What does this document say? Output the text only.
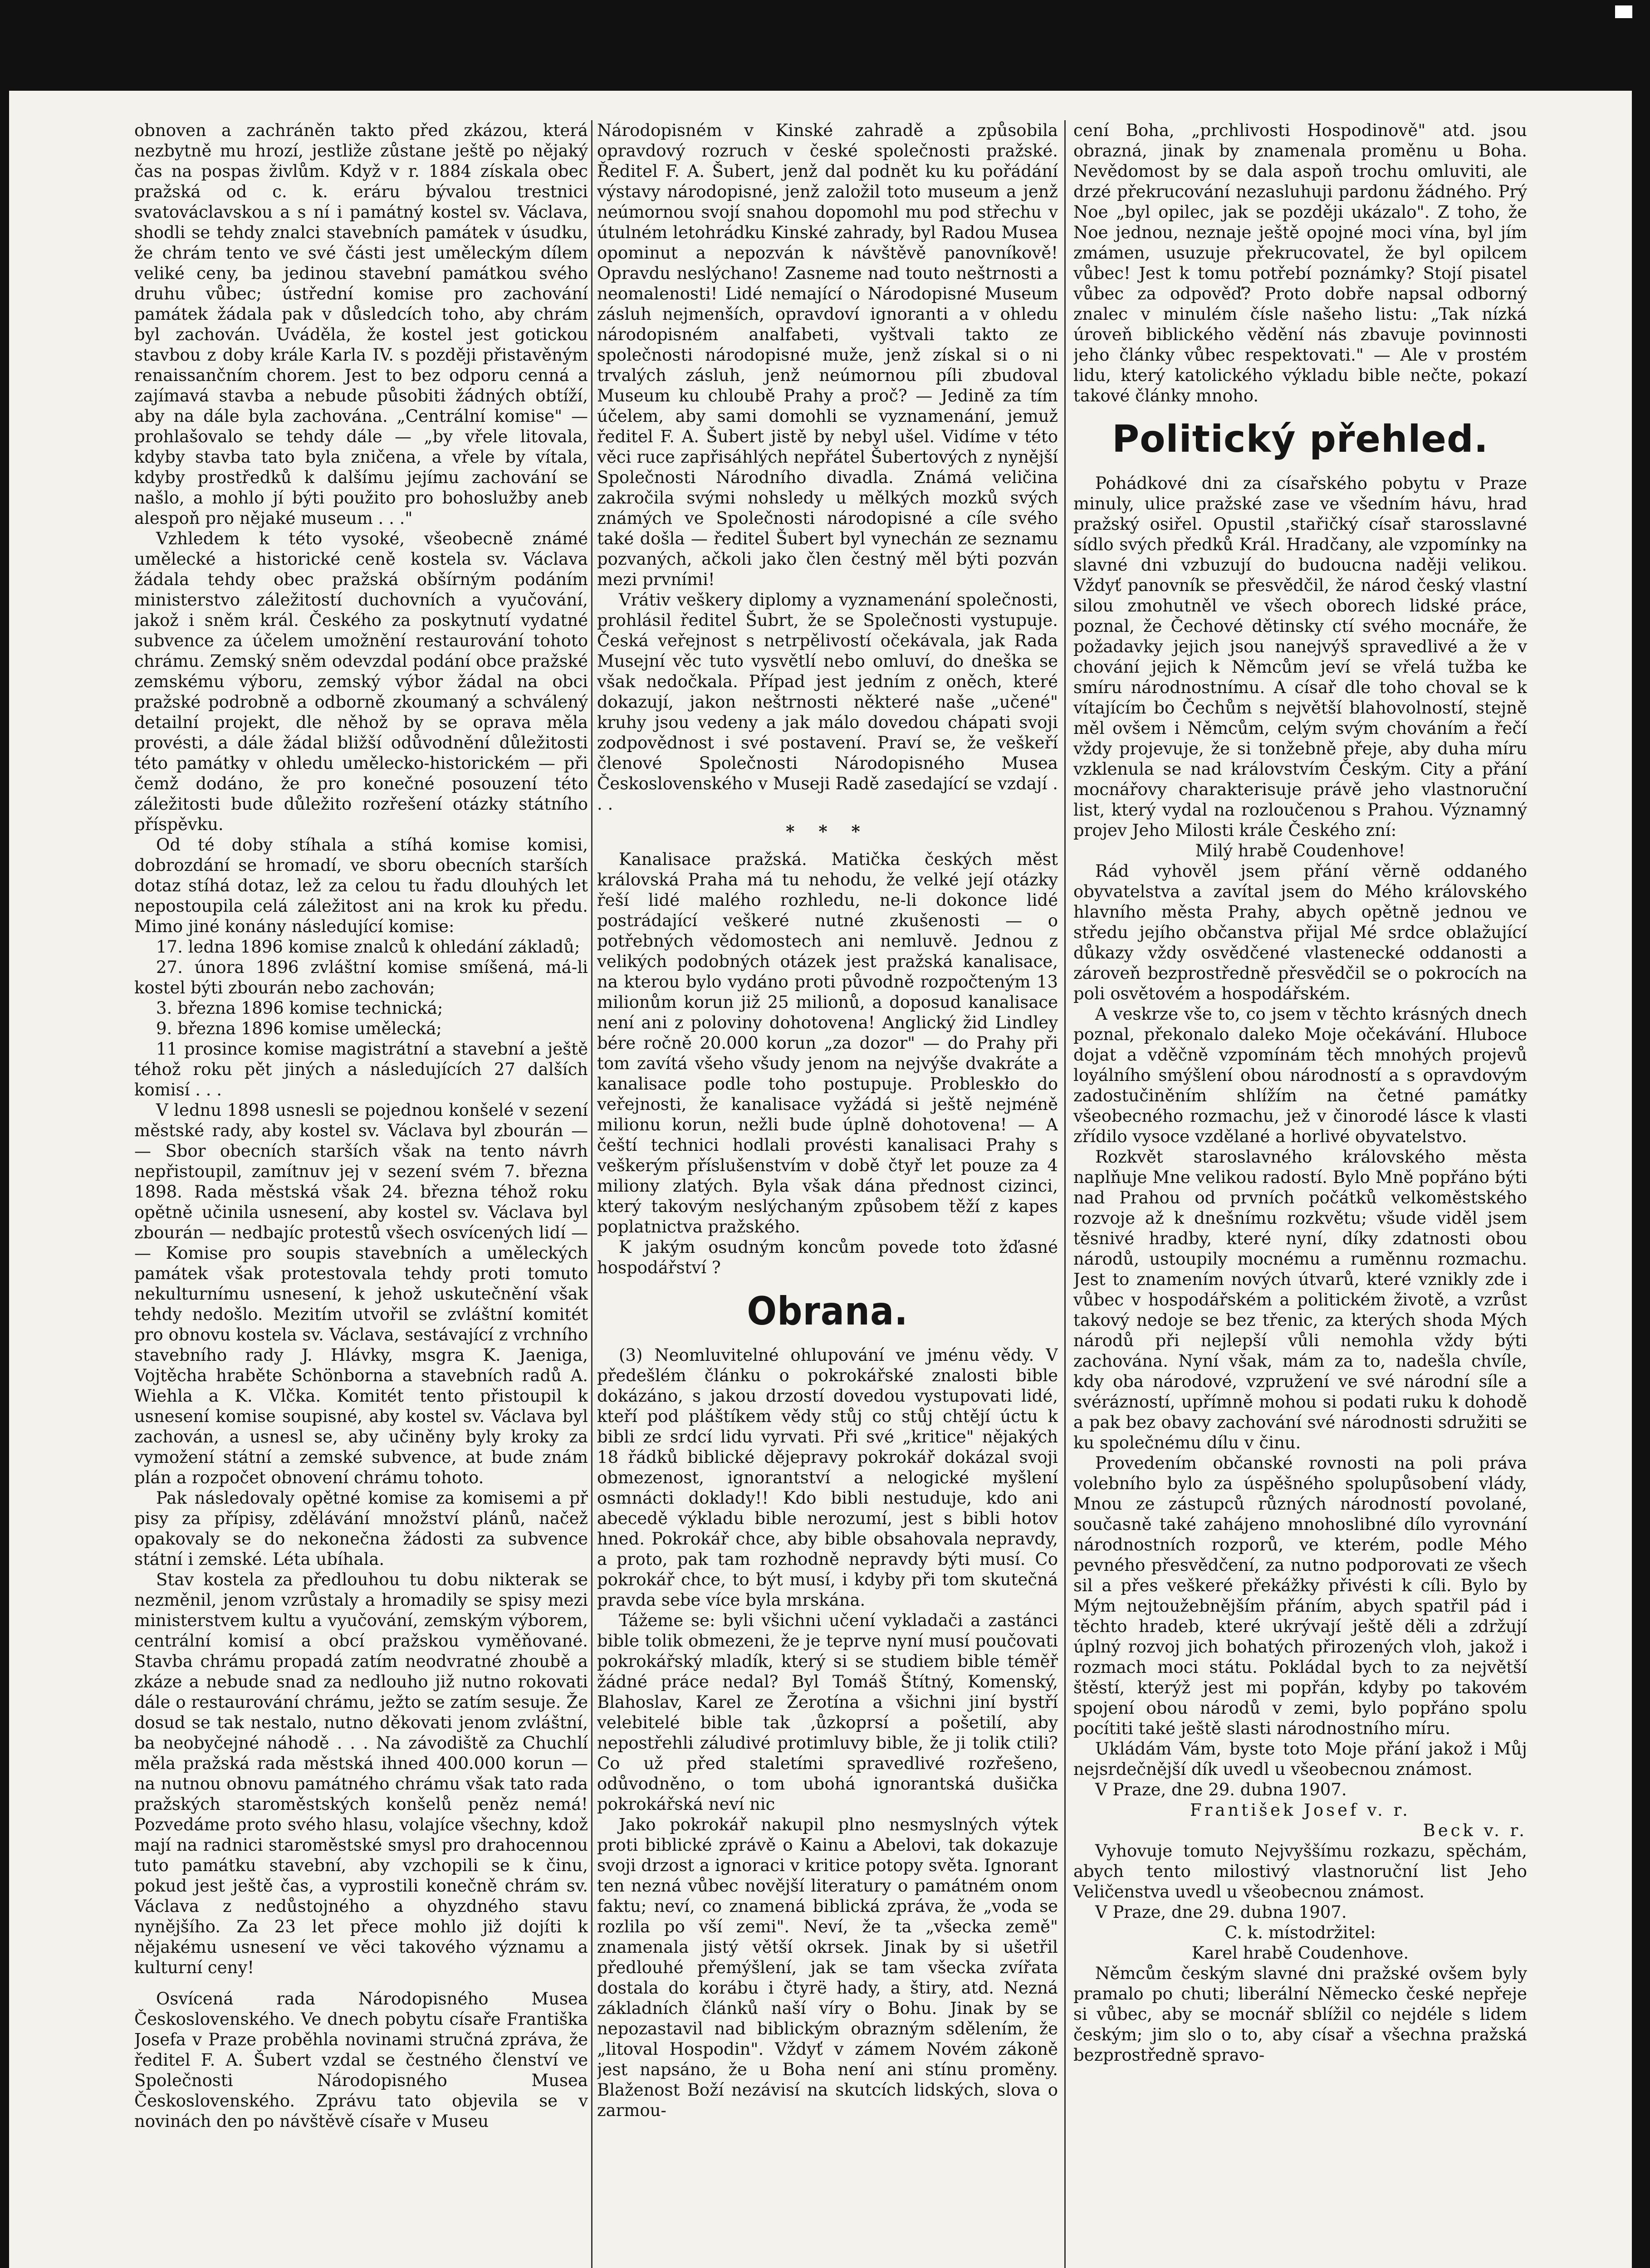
obnoven a zachráněn takto před zkázou, která nezbytně mu hrozí, jestliže zůstane ještě po nějaký čas na pospas živlům. Když v r. 1884 získala obec pražská od c. k. eráru bývalou trestnici svatováclavskou a s ní i památný kostel sv. Václava, shodli se tehdy znalci stavebních památek v úsudku, že chrám tento ve své části jest uměleckým dílem veliké ceny, ba jedinou stavební památkou svého druhu vůbec; ústřední komise pro zachování památek žádala pak v důsledcích toho, aby chrám byl zachován. Uváděla, že kostel jest gotickou stavbou z doby krále Karla IV. s později přistavěným renaissančním chorem. Jest to bez odporu cenná a zajímavá stavba a nebude působiti žádných obtíží, aby na dále byla zachována. „Centrální komise" — prohlašovalo se tehdy dále — „by vřele litovala, kdyby stavba tato byla zničena, a vřele by vítala, kdyby prostředků k dalšímu jejímu zachování se našlo, a mohlo jí býti použito pro bohoslužby aneb alespoň pro nějaké museum . . ."

Vzhledem k této vysoké, všeobecně známé umělecké a historické ceně kostela sv. Václava žádala tehdy obec pražská obšírným podáním ministerstvo záležitostí duchovních a vyučování, jakož i sněm král. Českého za poskytnutí vydatné subvence za účelem umožnění restaurování tohoto chrámu. Zemský sněm odevzdal podání obce pražské zemskému výboru, zemský výbor žádal na obci pražské podrobně a odborně zkoumaný a schválený detailní projekt, dle něhož by se oprava měla provésti, a dále žádal bližší odůvodnění důležitosti této památky v ohledu umělecko-historickém — při čemž dodáno, že pro konečné posouzení této záležitosti bude důležito rozřešení otázky státního příspěvku.

Od té doby stíhala a stíhá komise komisi, dobrozdání se hromadí, ve sboru obecních starších dotaz stíhá dotaz, lež za celou tu řadu dlouhých let nepostoupila celá záležitost ani na krok ku předu. Mimo jiné konány následující komise:

17. ledna 1896 komise znalců k ohledání základů;

27. února 1896 zvláštní komise smíšená, má-li kostel býti zbourán nebo zachován;

3. března 1896 komise technická;

9. března 1896 komise umělecká;

11 prosince komise magistrátní a stavební a ještě téhož roku pět jiných a následujících 27 dalších komisí . . .

V lednu 1898 usnesli se pojednou konšelé v sezení městské rady, aby kostel sv. Václava byl zbourán — — Sbor obecních starších však na tento návrh nepřistoupil, zamítnuv jej v sezení svém 7. března 1898. Rada městská však 24. března téhož roku opětně učinila usnesení, aby kostel sv. Václava byl zbourán — nedbajíc protestů všech osvícených lidí — — Komise pro soupis stavebních a uměleckých památek však protestovala tehdy proti tomuto nekulturnímu usnesení, k jehož uskutečnění však tehdy nedošlo. Mezitím utvořil se zvláštní komitét pro obnovu kostela sv. Václava, sestávající z vrchního stavebního rady J. Hlávky, msgra K. Jaeniga, Vojtěcha hraběte Schönborna a stavebních radů A. Wiehla a K. Vlčka. Komitét tento přistoupil k usnesení komise soupisné, aby kostel sv. Václava byl zachován, a usnesl se, aby učiněny byly kroky za vymožení státní a zemské subvence, at bude znám plán a rozpočet obnovení chrámu tohoto.

Pak následovaly opětné komise za komisemi a př pisy za přípisy, zdělávání množství plánů, načež opakovaly se do nekonečna žádosti za subvence státní i zemské. Léta ubíhala.

Stav kostela za předlouhou tu dobu nikterak se nezměnil, jenom vzrůstaly a hromadily se spisy mezi ministerstvem kultu a vyučování, zemským výborem, centrální komisí a obcí pražskou vyměňované. Stavba chrámu propadá zatím neodvratné zhoubě a zkáze a nebude snad za nedlouho již nutno rokovati dále o restaurování chrámu, ježto se zatím sesuje. Že dosud se tak nestalo, nutno děkovati jenom zvláštní, ba neobyčejné náhodě . . . Na závodiště za Chuchlí měla pražská rada městská ihned 400.000 korun — na nutnou obnovu památného chrámu však tato rada pražských staroměstských konšelů peněz nemá! Pozvedáme proto svého hlasu, volajíce všechny, kdož mají na radnici staroměstské smysl pro drahocennou tuto památku stavební, aby vzchopili se k činu, pokud jest ještě čas, a vyprostili konečně chrám sv. Václava z nedůstojného a ohyzdného stavu nynějšího. Za 23 let přece mohlo již dojíti k nějakému usnesení ve věci takového významu a kulturní ceny!

Osvícená rada Národopisného Musea Československého. Ve dnech pobytu císaře Františka Josefa v Praze proběhla novinami stručná zpráva, že ředitel F. A. Šubert vzdal se čestného členství ve Společnosti Národopisného Musea Československého. Zprávu tato objevila se v novinách den po návštěvě císaře v Museu

Národopisném v Kinské zahradě a způsobila opravdový rozruch v české společnosti pražské. Ředitel F. A. Šubert, jenž dal podnět ku ku pořádání výstavy národopisné, jenž založil toto museum a jenž neúmornou svojí snahou dopomohl mu pod střechu v útulném letohrádku Kinské zahrady, byl Radou Musea opominut a nepozván k návštěvě panovníkově! Opravdu neslýchano! Zasneme nad touto neštrnosti a neomalenosti! Lidé nemající o Národopisné Museum zásluh nejmenších, opravdoví ignoranti a v ohledu národopisném analfabeti, vyštvali takto ze společnosti národopisné muže, jenž získal si o ni trvalých zásluh, jenž neúmornou píli zbudoval Museum ku chloubě Prahy a proč? — Jedině za tím účelem, aby sami domohli se vyznamenání, jemuž ředitel F. A. Šubert jistě by nebyl ušel. Vidíme v této věci ruce zapřisáhlých nepřátel Šubertových z nynější Společnosti Národního divadla. Známá veličina zakročila svými nohsledy u mělkých mozků svých známých ve Společnosti národopisné a cíle svého také došla — ředitel Šubert byl vynechán ze seznamu pozvaných, ačkoli jako člen čestný měl býti pozván mezi prvními!

Vrátiv veškery diplomy a vyznamenání společnosti, prohlásil ředitel Šubrt, že se Společnosti vystupuje. Česká veřejnost s netrpělivostí očekávala, jak Rada Musejní věc tuto vysvětlí nebo omluví, do dneška se však nedočkala. Případ jest jedním z oněch, které dokazují, jakon neštrnosti některé naše „učené" kruhy jsou vedeny a jak málo dovedou chápati svoji zodpovědnost i své postavení. Praví se, že veškeří členové Společnosti Národopisného Musea Československého v Museji Radě zasedající se vzdají . . .

* * *

Kanalisace pražská. Matička českých měst královská Praha má tu nehodu, že velké její otázky řeší lidé malého rozhledu, ne-li dokonce lidé postrádající veškeré nutné zkušenosti — o potřebných vědomostech ani nemluvě. Jednou z velikých podobných otázek jest pražská kanalisace, na kterou bylo vydáno proti původně rozpočteným 13 milionům korun již 25 milionů, a doposud kanalisace není ani z poloviny dohotovena! Anglický žid Lindley bére ročně 20.000 korun „za dozor" — do Prahy při tom zavítá všeho všudy jenom na nejvýše dvakráte a kanalisace podle toho postupuje. Probleskło do veřejnosti, že kanalisace vyžádá si ještě nejméně milionu korun, nežli bude úplně dohotovena! — A čeští technici hodlali provésti kanalisaci Prahy s veškerým příslušenstvím v době čtyř let pouze za 4 miliony zlatých. Byla však dána přednost cizinci, který takovým neslýchaným způsobem těží z kapes poplatnictva pražského.

K jakým osudným koncům povede toto žďasné hospodářství ?

Obrana.

(3) Neomluvitelné ohlupování ve jménu vědy. V předešlém článku o pokrokářské znalosti bible dokázáno, s jakou drzostí dovedou vystupovati lidé, kteří pod pláštíkem vědy stůj co stůj chtějí úctu k bibli ze srdcí lidu vyrvati. Při své „kritice" nějakých 18 řádků biblické dějepravy pokrokář dokázal svoji obmezenost, ignorantství a nelogické myšlení osmnácti doklady!! Kdo bibli nestuduje, kdo ani abecedě výkladu bible nerozumí, jest s bibli hotov hned. Pokrokář chce, aby bible obsahovala nepravdy, a proto, pak tam rozhodně nepravdy býti musí. Co pokrokář chce, to být musí, i kdyby při tom skutečná pravda sebe více byla mrskána.

Tážeme se: byli všichni učení vykladači a zastánci bible tolik obmezeni, že je teprve nyní musí poučovati pokrokářský mladík, který si se studiem bible téměř žádné práce nedal? Byl Tomáš Štítný, Komenský, Blahoslav, Karel ze Žerotína a všichni jiní bystří velebitelé bible tak ,ůzkoprsí a pošetilí, aby nepostřehli záludivé protimluvy bible, že ji tolik ctili? Co už před staletími spravedlivé rozřešeno, odůvodněno, o tom ubohá ignorantská dušička pokrokářská neví nic

Jako pokrokář nakupil plno nesmyslných výtek proti biblické zprávě o Kainu a Abelovi, tak dokazuje svoji drzost a ignoraci v kritice potopy světa. Ignorant ten nezná vůbec novější literatury o památném onom faktu; neví, co znamená biblická zpráva, že „voda se rozlila po vší zemi". Neví, že ta „všecka země" znamenala jistý větší okrsek. Jinak by si ušetřil předlouhé přemýšlení, jak se tam všecka zvířata dostala do korábu i čtyrë hady, a štiry, atd. Nezná základních článků naší víry o Bohu. Jinak by se nepozastavil nad biblickým obrazným sdělením, že „litoval Hospodin". Vždyť v zámem Novém zákoně jest napsáno, že u Boha není ani stínu proměny. Blaženost Boží nezávisí na skutcích lidských, slova o zarmou-

cení Boha, „prchlivosti Hospodinově" atd. jsou obrazná, jinak by znamenala proměnu u Boha. Nevědomost by se dala aspoň trochu omluviti, ale drzé překrucování nezasluhuji pardonu žádného. Prý Noe „byl opilec, jak se později ukázalo". Z toho, že Noe jednou, neznaje ještě opojné moci vína, byl jím zmámen, usuzuje překrucovatel, že byl opilcem vůbec! Jest k tomu potřebí poznámky? Stojí pisatel vůbec za odpověď? Proto dobře napsal odborný znalec v minulém čísle našeho listu: „Tak nízká úroveň biblického vědění nás zbavuje povinnosti jeho články vůbec respektovati." — Ale v prostém lidu, který katolického výkladu bible nečte, pokazí takové články mnoho.

Politický přehled.

Pohádkové dni za císařského pobytu v Praze minuly, ulice pražské zase ve všedním hávu, hrad pražský osiřel. Opustil ,stařičký císař starosslavné sídlo svých předků Král. Hradčany, ale vzpomínky na slavné dni vzbuzují do budoucna naději velikou. Vždyť panovník se přesvědčil, že národ český vlastní silou zmohutněl ve všech oborech lidské práce, poznal, že Čechové dětinsky ctí svého mocnáře, že požadavky jejich jsou nanejvýš spravedlivé a že v chování jejich k Němcům jeví se vřelá tužba ke smíru národnostnímu. A císař dle toho choval se k vítajícím bo Čechům s největší blahovolností, stejně měl ovšem i Němcům, celým svým chováním a řečí vždy projevuje, že si tonžebně přeje, aby duha míru vzklenula se nad královstvím Českým. City a přání mocnářovy charakterisuje právě jeho vlastnoruční list, který vydal na rozloučenou s Prahou. Významný projev Jeho Milosti krále Českého zní:

Milý hrabě Coudenhove!

Rád vyhověl jsem přání věrně oddaného obyvatelstva a zavítal jsem do Mého královského hlavního města Prahy, abych opětně jednou ve středu jejího občanstva přijal Mé srdce oblažující důkazy vždy osvědčené vlastenecké oddanosti a zároveň bezprostředně přesvědčil se o pokrocích na poli osvětovém a hospodářském.

A veskrze vše to, co jsem v těchto krásných dnech poznal, překonalo daleko Moje očekávání. Hluboce dojat a vděčně vzpomínám těch mnohých projevů loyálního smýšlení obou národností a s opravdovým zadostučiněním shlížím na četné památky všeobecného rozmachu, jež v činorodé lásce k vlasti zřídilo vysoce vzdělané a horlivé obyvatelstvo.

Rozkvět staroslavného královského města naplňuje Mne velikou radostí. Bylo Mně popřáno býti nad Prahou od prvních počátků velkoměstského rozvoje až k dnešnímu rozkvětu; všude viděl jsem těsnivé hradby, které nyní, díky zdatnosti obou národů, ustoupily mocnému a ruměnnu rozmachu. Jest to znamením nových útvarů, které vznikly zde i vůbec v hospodářském a politickém životě, a vzrůst takový nedoje se bez třenic, za kterých shoda Mých národů při nejlepší vůli nemohla vždy býti zachována. Nyní však, mám za to, nadešla chvíle, kdy oba národové, vzpružení ve své národní síle a svérázností, upřímně mohou si podati ruku k dohodě a pak bez obavy zachování své národnosti sdružiti se ku společnému dílu v činu.

Provedením občanské rovnosti na poli práva volebního bylo za úspěšného spolupůsobení vlády, Mnou ze zástupců různých národností povolané, současně také zahájeno mnohoslibné dílo vyrovnání národnostních rozporů, ve kterém, podle Mého pevného přesvědčení, za nutno podporovati ze všech sil a přes veškeré překážky přivésti k cíli. Bylo by Mým nejtoužebnějším přáním, abych spatřil pád i těchto hradeb, které ukrývají ještě děli a zdržují úplný rozvoj jich bohatých přirozených vloh, jakož i rozmach moci státu. Pokládal bych to za největší štěstí, kterýž jest mi popřán, kdyby po takovém spojení obou národů v zemi, bylo popřáno spolu pocítiti také ještě slasti národnostního míru.

Ukládám Vám, byste toto Moje přání jakož i Můj nejsrdečnější dík uvedl u všeobecnou známost.

V Praze, dne 29. dubna 1907.

František Josef v. r.

Beck v. r.

Vyhovuje tomuto Nejvyššímu rozkazu, spěchám, abych tento milostivý vlastnoruční list Jeho Veličenstva uvedl u všeobecnou známost.

V Praze, dne 29. dubna 1907.

C. k. místodržitel:

Karel hrabě Coudenhove.

Němcům českým slavné dni pražské ovšem byly pramalo po chuti; liberální Německo české nepřeje si vůbec, aby se mocnář sblížil co nejdéle s lidem českým; jim slo o to, aby císař a všechna pražská bezprostředně spravo-
